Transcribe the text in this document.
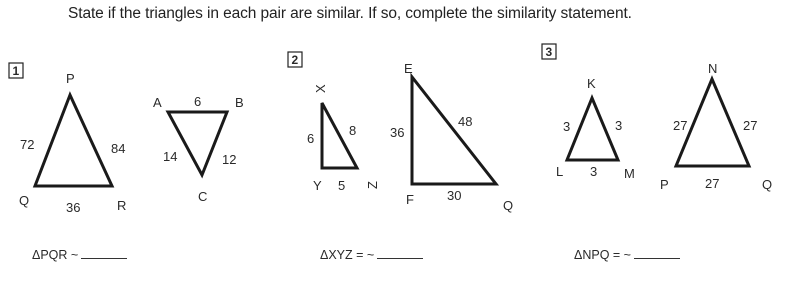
State if the triangles in each pair are similar. If so, complete the similarity statement.
1
2
3
P
Q	R
72
36
84
A	B
C
6
14	12
X
Y	Z
6
8
5
E
F	Q
36
48
30
K
L	M
3	3
3
N
P	Q
27	27
27
ΔPQR ~	ΔXYZ = ~	ΔNPQ = ~
